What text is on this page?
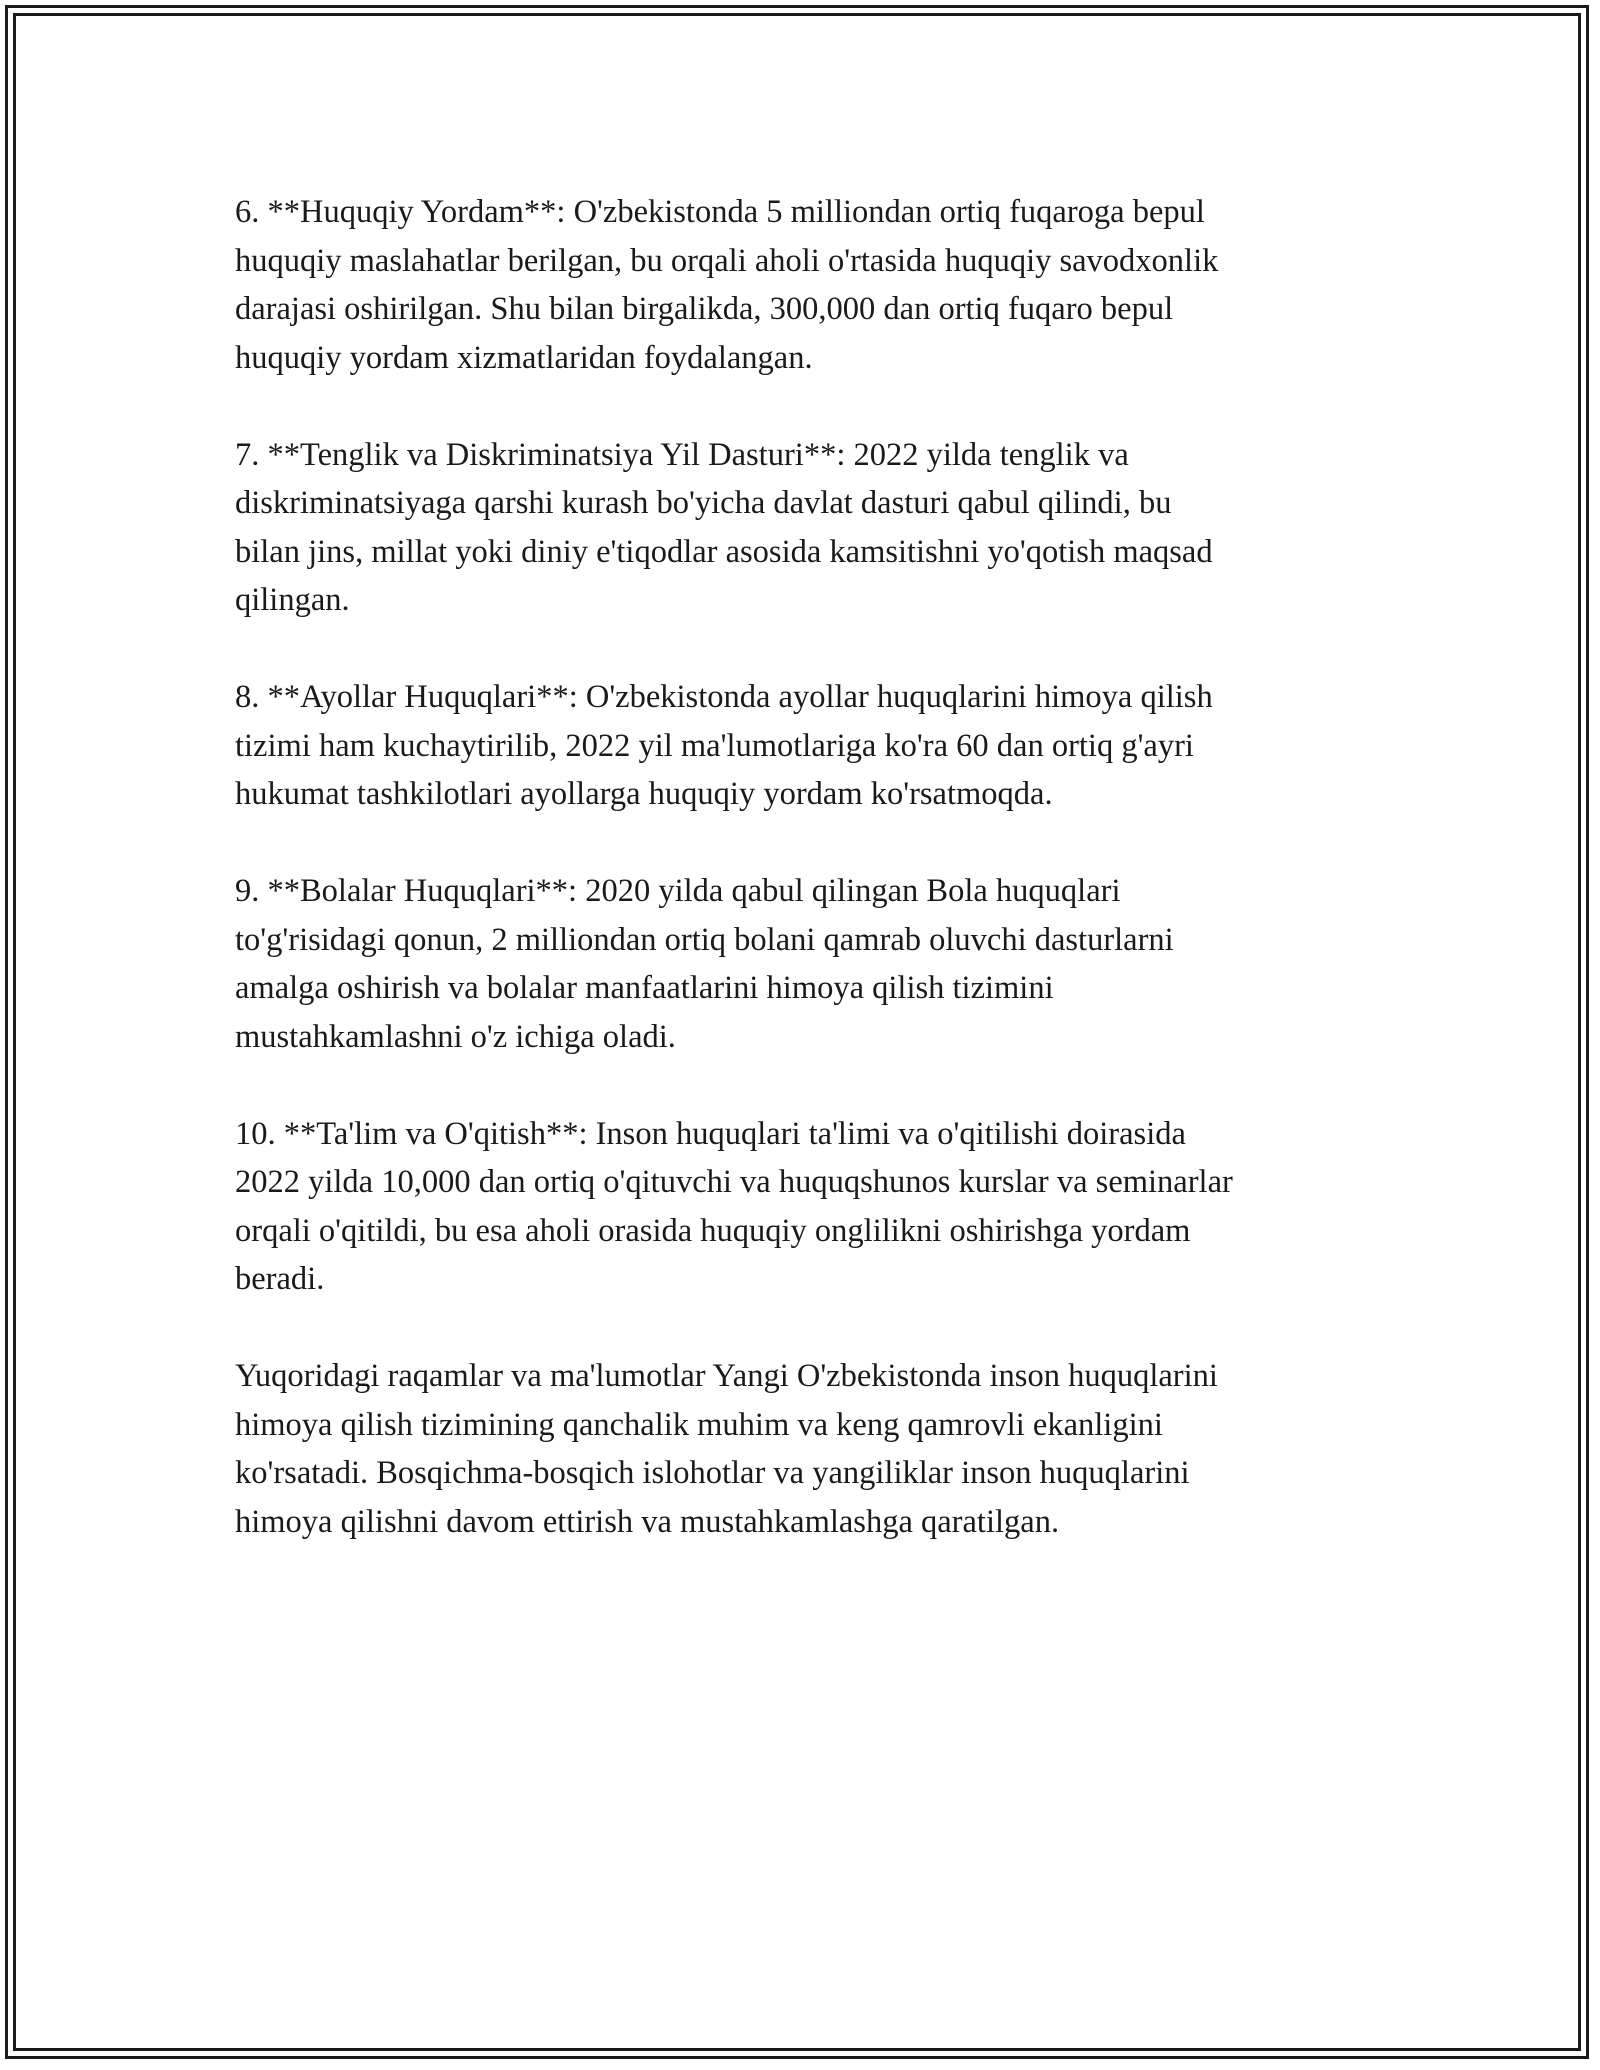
6. **Huquqiy Yordam**: O'zbekistonda 5 milliondan ortiq fuqaroga bepul
huquqiy maslahatlar berilgan, bu orqali aholi o'rtasida huquqiy savodxonlik
darajasi oshirilgan. Shu bilan birgalikda, 300,000 dan ortiq fuqaro bepul
huquqiy yordam xizmatlaridan foydalangan.

7. **Tenglik va Diskriminatsiya Yil Dasturi**: 2022 yilda tenglik va
diskriminatsiyaga qarshi kurash bo'yicha davlat dasturi qabul qilindi, bu
bilan jins, millat yoki diniy e'tiqodlar asosida kamsitishni yo'qotish maqsad
qilingan.

8. **Ayollar Huquqlari**: O'zbekistonda ayollar huquqlarini himoya qilish
tizimi ham kuchaytirilib, 2022 yil ma'lumotlariga ko'ra 60 dan ortiq g'ayri
hukumat tashkilotlari ayollarga huquqiy yordam ko'rsatmoqda.

9. **Bolalar Huquqlari**: 2020 yilda qabul qilingan Bola huquqlari
to'g'risidagi qonun, 2 milliondan ortiq bolani qamrab oluvchi dasturlarni
amalga oshirish va bolalar manfaatlarini himoya qilish tizimini
mustahkamlashni o'z ichiga oladi.

10. **Ta'lim va O'qitish**: Inson huquqlari ta'limi va o'qitilishi doirasida
2022 yilda 10,000 dan ortiq o'qituvchi va huquqshunos kurslar va seminarlar
orqali o'qitildi, bu esa aholi orasida huquqiy onglilikni oshirishga yordam
beradi.

Yuqoridagi raqamlar va ma'lumotlar Yangi O'zbekistonda inson huquqlarini
himoya qilish tizimining qanchalik muhim va keng qamrovli ekanligini
ko'rsatadi. Bosqichma-bosqich islohotlar va yangiliklar inson huquqlarini
himoya qilishni davom ettirish va mustahkamlashga qaratilgan.
